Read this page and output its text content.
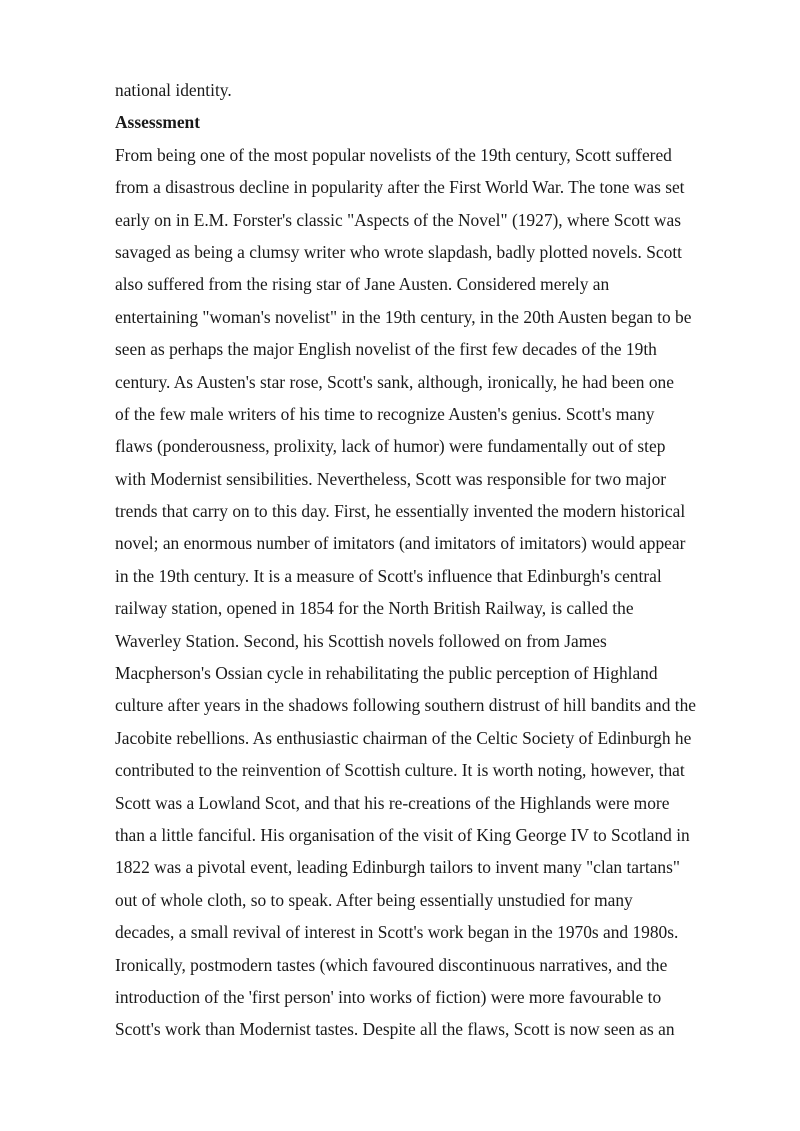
national identity.
Assessment
From being one of the most popular novelists of the 19th century, Scott suffered
from a disastrous decline in popularity after the First World War. The tone was set
early on in E.M. Forster's classic "Aspects of the Novel" (1927), where Scott was
savaged as being a clumsy writer who wrote slapdash, badly plotted novels. Scott
also suffered from the rising star of Jane Austen. Considered merely an
entertaining "woman's novelist" in the 19th century, in the 20th Austen began to be
seen as perhaps the major English novelist of the first few decades of the 19th
century. As Austen's star rose, Scott's sank, although, ironically, he had been one
of the few male writers of his time to recognize Austen's genius. Scott's many
flaws (ponderousness, prolixity, lack of humor) were fundamentally out of step
with Modernist sensibilities. Nevertheless, Scott was responsible for two major
trends that carry on to this day. First, he essentially invented the modern historical
novel; an enormous number of imitators (and imitators of imitators) would appear
in the 19th century. It is a measure of Scott's influence that Edinburgh's central
railway station, opened in 1854 for the North British Railway, is called the
Waverley Station. Second, his Scottish novels followed on from James
Macpherson's Ossian cycle in rehabilitating the public perception of Highland
culture after years in the shadows following southern distrust of hill bandits and the
Jacobite rebellions. As enthusiastic chairman of the Celtic Society of Edinburgh he
contributed to the reinvention of Scottish culture. It is worth noting, however, that
Scott was a Lowland Scot, and that his re-creations of the Highlands were more
than a little fanciful. His organisation of the visit of King George IV to Scotland in
1822 was a pivotal event, leading Edinburgh tailors to invent many "clan tartans"
out of whole cloth, so to speak. After being essentially unstudied for many
decades, a small revival of interest in Scott's work began in the 1970s and 1980s.
Ironically, postmodern tastes (which favoured discontinuous narratives, and the
introduction of the 'first person' into works of fiction) were more favourable to
Scott's work than Modernist tastes. Despite all the flaws, Scott is now seen as an
